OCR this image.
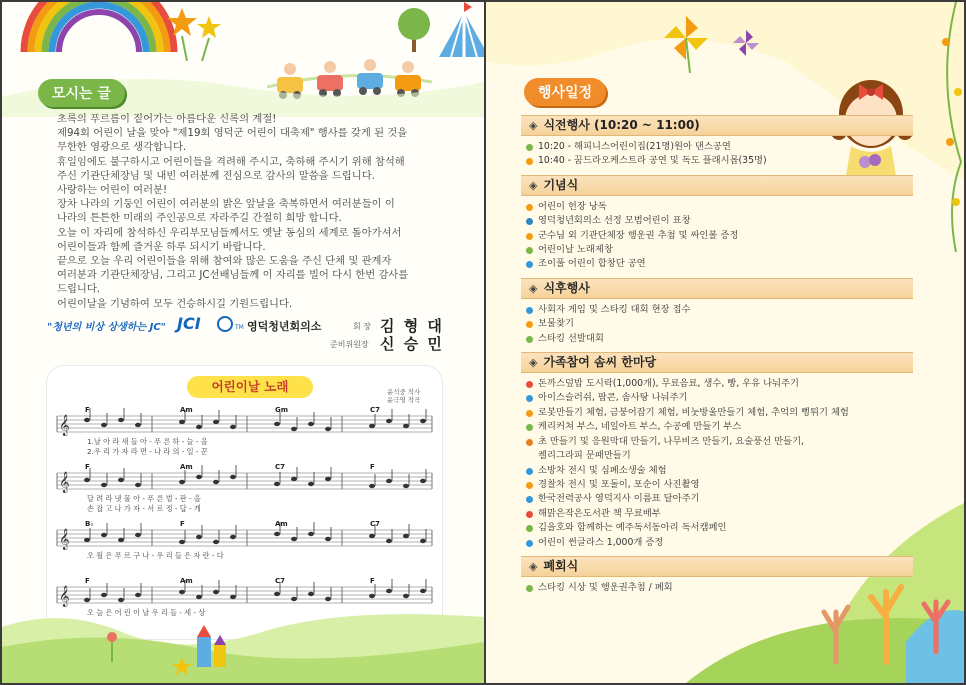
모시는 글

초록의 푸르름이 짙어가는 아름다운 신록의 계절!

제94회 어린이 날을 맞아 "제19회 영덕군 어린이 대축제" 행사를 갖게 된 것을

무한한 영광으로 생각합니다.

휴일임에도 불구하시고 어린이들을 격려해 주시고, 축하해 주시기 위해 참석해

주신 기관단체장님 및 내빈 여러분께 진심으로 감사의 말씀을 드립니다.

사랑하는 어린이 여러분!

장차 나라의 기둥인 어린이 여러분의 밝은 앞날을 축복하면서 여러분들이 이

나라의 튼튼한 미래의 주인공으로 자라주길 간절히 희망 합니다.

오늘 이 자리에 참석하신 우리부모님들께서도 옛날 동심의 세계로 돌아가셔서

어린이들과 함께 즐거운 하루 되시기 바랍니다.

끝으로 오늘 우리 어린이들을 위해 참여와 많은 도움을 주신 단체 및 관계자

여러분과 기관단체장님, 그리고 JC선배님들께 이 자리를 빌어 다시 한번 감사를

드립니다.

어린이날을 기념하여 모두 건승하시길 기원드립니다.

"청년의 비상 상생하는 JC" JCI	TM 영덕청년회의소	회 장 김 형 대
준비위원장 신 승 민
어린이날 노래	윤석중 작사
윤극영 작곡
𝄞
F	Am	Gm	C7
1.날 아 라 새 들 아 - 푸 른 하 - 늘 - 을
2.우 리 가 자 라 면 - 나 라 의 - 일 - 꾼
𝄞
F	Am	C7	F
달 려 라 냇 물 아 - 푸 른 벌 - 판 - 을
손 잡 고 나 가 자 - 서 로 정 - 답 - 게
𝄞
B♭	F	Am	C7
오 월 은 푸 르 구 나 - 우 리 들 은 자 란 - 다
𝄞
F	Am	C7	F
오 늘 은 어 린 이 날 우 리 들 - 세 - 상
행사일정
◈ 식전행사 (10:20 ~ 11:00)
10:20 - 해피니스어린이집(21명)원아 댄스공연
10:40 - 꿈드라오케스트라 공연 및 독도 플래시몹(35명)
◈ 기념식
어린이 헌장 낭독
영덕청년회의소 선정 모범어린이 표창
군수님 외 기관단체장 행운권 추첨 및 싸인볼 증정
어린이날 노래제창
조이풀 어린이 합창단 공연
◈ 식후행사
사회자 게임 및 스타킹 대회 현장 접수
보물찾기
스타킹 선발대회
◈ 가족참여 솜씨 한마당
돈까스덮밥 도시락(1,000개), 무료음료, 생수, 빵, 우유 나눠주기
아이스슬러쉬, 팝콘, 솜사탕 나눠주기
로봇만들기 체험, 금붕어잡기 체험, 비눗방울만들기 체험, 추억의 뻥튀기 체험
케리커쳐 부스, 네일아트 부스, 수공예 만들기 부스
초 만들기 및 응원막대 만들기, 나무비즈 만들기, 요술풍선 만들기,
켈리그라피 문패만들기
소방차 전시 및 심폐소생술 체험
경찰차 전시 및 포돌이, 포순이 사진촬영
한국전력공사 영덕지사 이름표 달아주기
해맑은작은도서관 책 무료배부
김을호와 함께하는 예주독서동아리 독서캠페인
어린이 썬글라스 1,000개 증정
◈ 폐회식
스타킹 시상 및 행운권추첨 / 폐회
